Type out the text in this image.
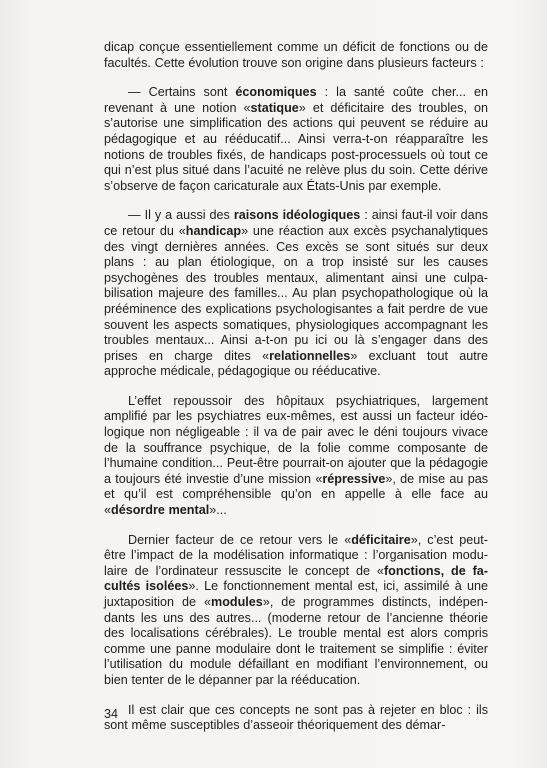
dicap conçue essentiellement comme un déficit de fonctions ou de facultés. Cette évolution trouve son origine dans plusieurs facteurs :

— Certains sont économiques : la santé coûte cher... en revenant à une notion «statique» et déficitaire des troubles, on s’autorise une simplification des actions qui peuvent se réduire au pédagogique et au rééducatif... Ainsi verra-t-on réapparaître les notions de troubles fixés, de handicaps post-processuels où tout ce qui n’est plus situé dans l’acuité ne relève plus du soin. Cette dérive s’observe de façon caricaturale aux États-Unis par exemple.

— Il y a aussi des raisons idéologiques : ainsi faut-il voir dans ce retour du «handicap» une réaction aux excès psychanalytiques des vingt dernières années. Ces excès se sont situés sur deux plans : au plan étiologique, on a trop insisté sur les causes psychogènes des troubles mentaux, alimentant ainsi une culpabilisation majeure des familles... Au plan psychopathologique où la prééminence des explications psychologisantes a fait perdre de vue souvent les aspects somatiques, physiologiques accompagnant les troubles mentaux... Ainsi a-t-on pu ici ou là s’engager dans des prises en charge dites «relationnelles» excluant tout autre approche médicale, pédagogique ou rééducative.

L’effet repoussoir des hôpitaux psychiatriques, largement amplifié par les psychiatres eux-mêmes, est aussi un facteur idéologique non négligeable : il va de pair avec le déni toujours vivace de la souffrance psychique, de la folie comme composante de l’humaine condition... Peut-être pourrait-on ajouter que la pédagogie a toujours été investie d’une mission «répressive», de mise au pas et qu’il est compréhensible qu’on en appelle à elle face au «désordre mental»...

Dernier facteur de ce retour vers le «déficitaire», c’est peut-être l’impact de la modélisation informatique : l’organisation modulaire de l’ordinateur ressuscite le concept de «fonctions, de facultés isolées». Le fonctionnement mental est, ici, assimilé à une juxtaposition de «modules», de programmes distincts, indépendants les uns des autres... (moderne retour de l’ancienne théorie des localisations cérébrales). Le trouble mental est alors compris comme une panne modulaire dont le traitement se simplifie : éviter l’utilisation du module défaillant en modifiant l’environnement, ou bien tenter de le dépanner par la rééducation.

Il est clair que ces concepts ne sont pas à rejeter en bloc : ils sont même susceptibles d’asseoir théoriquement des démar-

34
